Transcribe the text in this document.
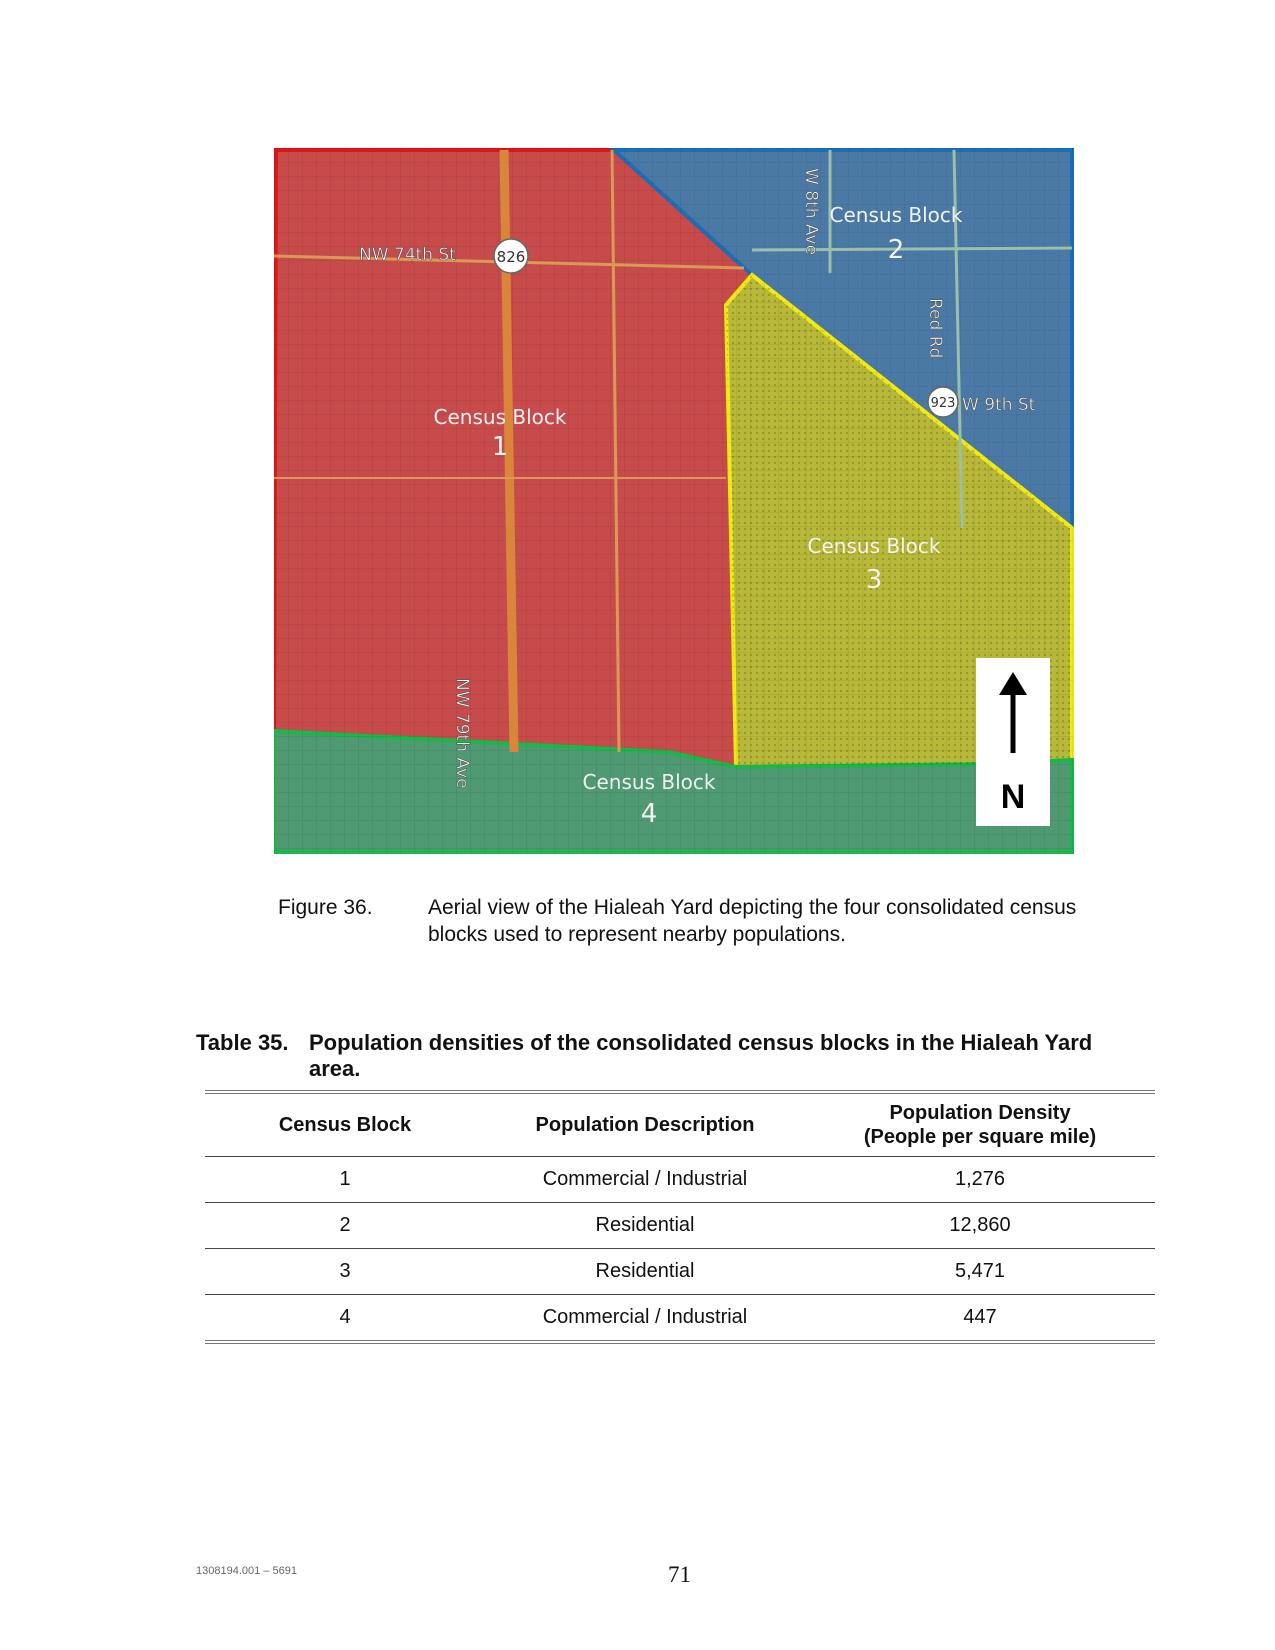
Census Block
1
Census Block
2
Census Block
3
Census Block
4
NW 74th St	826
W 8th Ave
Red Rd
923 W 9th St
NW 79th Ave
N
Figure 36.	Aerial view of the Hialeah Yard depicting the four consolidated census blocks used to represent nearby populations.
Table 35. Population densities of the consolidated census blocks in the Hialeah Yard area.
Census Block	Population Description	Population Density
(People per square mile)
1	Commercial / Industrial	1,276
2	Residential	12,860
3	Residential	5,471
4	Commercial / Industrial	447
1308194.001 – 5691	71
